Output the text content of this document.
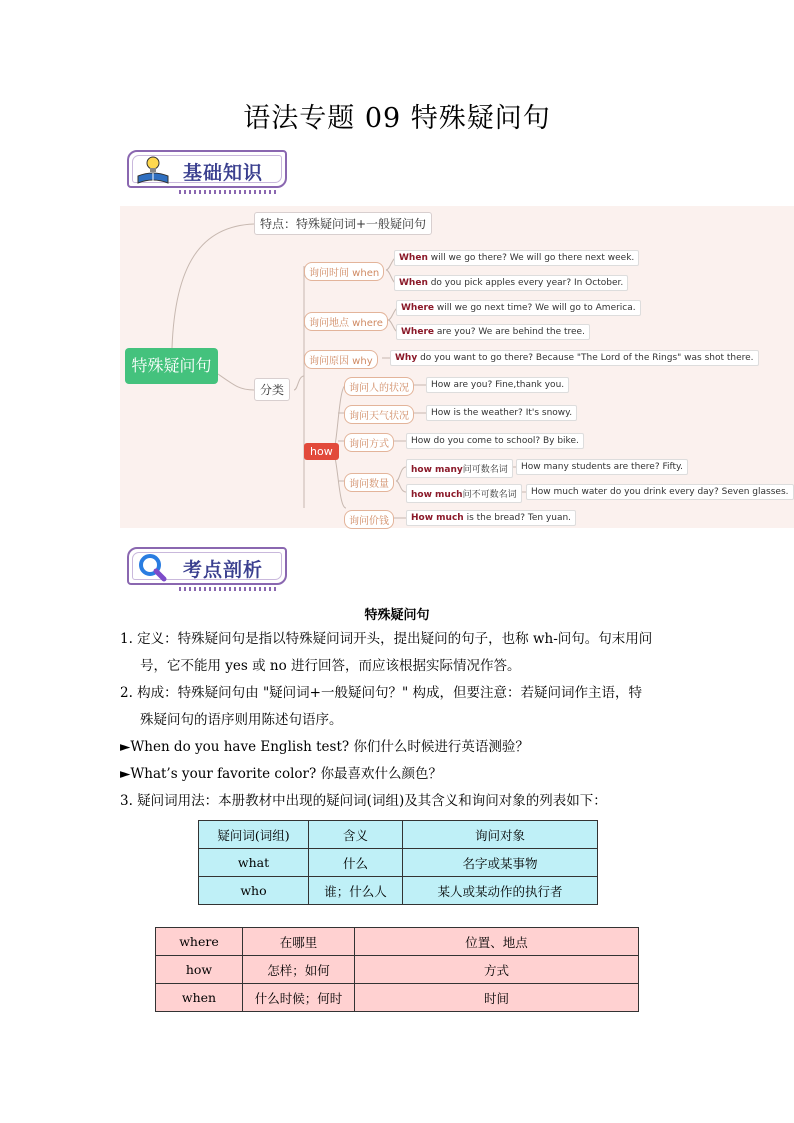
语法专题 09 特殊疑问句
基础知识
特殊疑问句
特点：特殊疑问词+一般疑问句
分类
询问时间 when
询问地点 where
询问原因 why
how
询问人的状况
询问天气状况
询问方式
询问数量
询问价钱
how many问可数名词
how much问不可数名词
When will we go there? We will go there next week.
When do you pick apples every year? In October.
Where will we go next time? We will go to America.
Where are you? We are behind the tree.
Why do you want to go there? Because "The Lord of the Rings" was shot there.
How are you? Fine,thank you.
How is the weather? It's snowy.
How do you come to school? By bike.
How many students are there? Fifty.
How much water do you drink every day? Seven glasses.
How much is the bread? Ten yuan.
考点剖析
特殊疑问句
1. 定义：特殊疑问句是指以特殊疑问词开头，提出疑问的句子，也称 wh-问句。句末用问
号，它不能用 yes 或 no 进行回答，而应该根据实际情况作答。
2. 构成：特殊疑问句由 "疑问词+一般疑问句？" 构成，但要注意：若疑问词作主语，特
殊疑问句的语序则用陈述句语序。
►When do you have English test? 你们什么时候进行英语测验？
►What’s your favorite color? 你最喜欢什么颜色？
3. 疑问词用法：本册教材中出现的疑问词(词组)及其含义和询问对象的列表如下：
疑问词(词组)	含义	询问对象
what	什么	名字或某事物
who	谁；什么人	某人或某动作的执行者
where	在哪里	位置、地点
how	怎样；如何	方式
when	什么时候；何时	时间
